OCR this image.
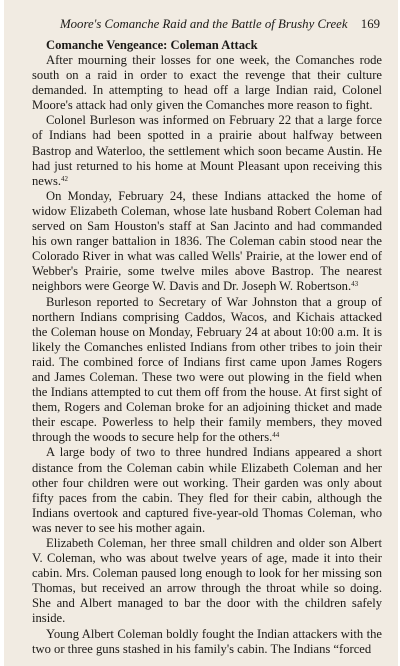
Moore's Comanche Raid and the Battle of Brushy Creek 169
Comanche Vengeance: Coleman Attack

After mourning their losses for one week, the Comanches rode south on a raid in order to exact the revenge that their culture demanded. In attempting to head off a large Indian raid, Colonel Moore's attack had only given the Comanches more reason to fight.

Colonel Burleson was informed on February 22 that a large force of Indians had been spotted in a prairie about halfway between Bastrop and Waterloo, the settlement which soon became Austin. He had just returned to his home at Mount Pleasant upon receiving this news.$^{42}$

On Monday, February 24, these Indians attacked the home of widow Elizabeth Coleman, whose late husband Robert Coleman had served on Sam Houston's staff at San Jacinto and had commanded his own ranger battalion in 1836. The Coleman cabin stood near the Colorado River in what was called Wells' Prairie, at the lower end of Webber's Prairie, some twelve miles above Bastrop. The nearest neighbors were George W. Davis and Dr. Joseph W. Robertson.$^{43}$

Burleson reported to Secretary of War Johnston that a group of northern Indians comprising Caddos, Wacos, and Kichais attacked the Coleman house on Monday, February 24 at about 10:00 a.m. It is likely the Comanches enlisted Indians from other tribes to join their raid. The combined force of Indians first came upon James Rogers and James Coleman. These two were out plowing in the field when the Indians attempted to cut them off from the house. At first sight of them, Rogers and Coleman broke for an adjoining thicket and made their escape. Powerless to help their family members, they moved through the woods to secure help for the others.$^{44}$

A large body of two to three hundred Indians appeared a short distance from the Coleman cabin while Elizabeth Coleman and her other four children were out working. Their garden was only about fifty paces from the cabin. They fled for their cabin, although the Indians overtook and captured five-year-old Thomas Coleman, who was never to see his mother again.

Elizabeth Coleman, her three small children and older son Albert V. Coleman, who was about twelve years of age, made it into their cabin. Mrs. Coleman paused long enough to look for her missing son Thomas, but received an arrow through the throat while so doing. She and Albert managed to bar the door with the children safely inside.

Young Albert Coleman boldly fought the Indian attackers with the two or three guns stashed in his family's cabin. The Indians “forced
